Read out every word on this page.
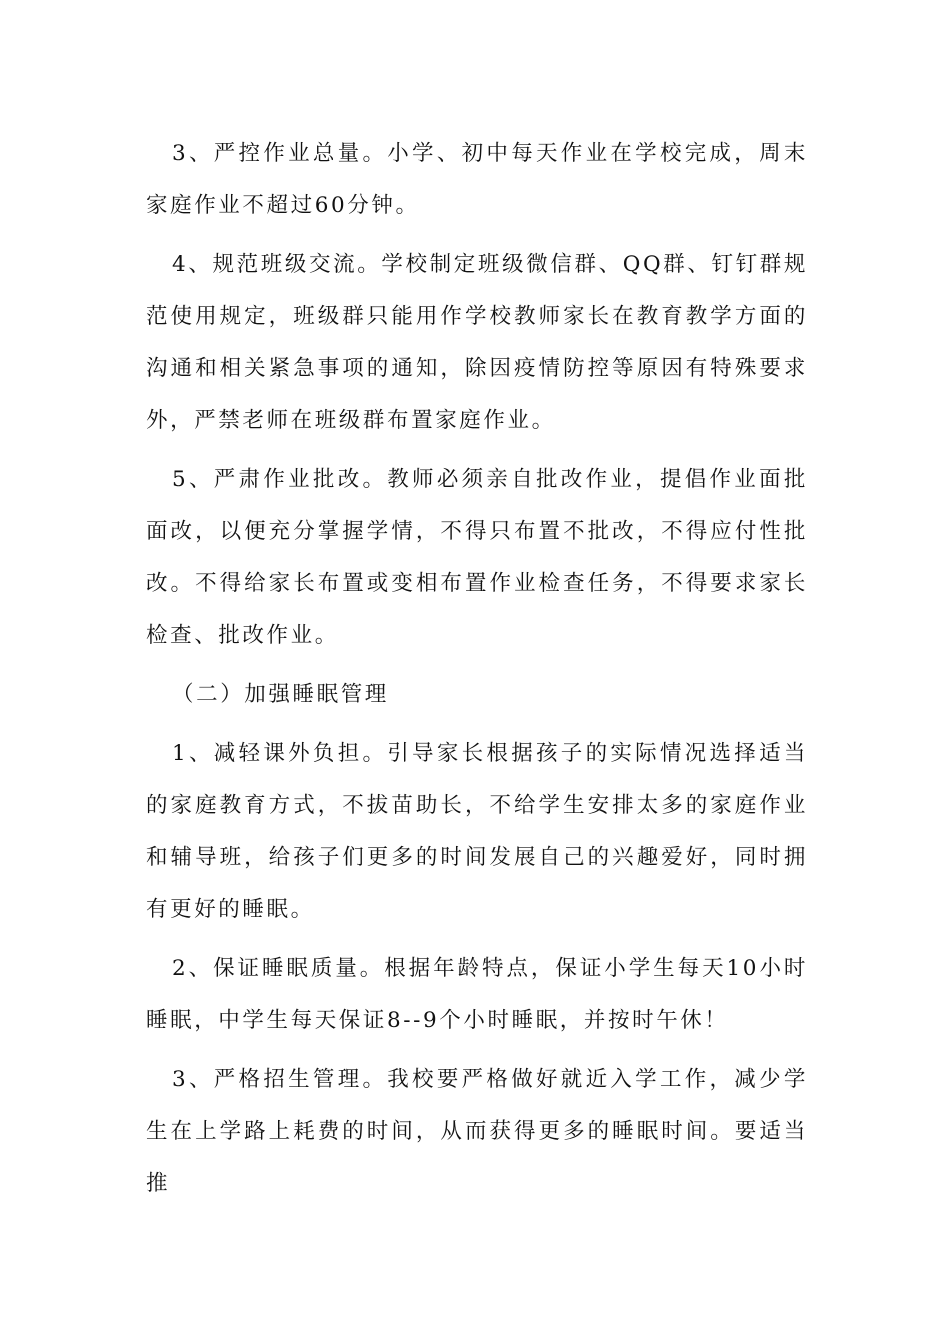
3、严控作业总量。小学、初中每天作业在学校完成，周末家庭作业不超过60分钟。

4、规范班级交流。学校制定班级微信群、QQ群、钉钉群规范使用规定，班级群只能用作学校教师家长在教育教学方面的沟通和相关紧急事项的通知，除因疫情防控等原因有特殊要求外，严禁老师在班级群布置家庭作业。

5、严肃作业批改。教师必须亲自批改作业，提倡作业面批面改，以便充分掌握学情，不得只布置不批改，不得应付性批改。不得给家长布置或变相布置作业检查任务，不得要求家长检查、批改作业。

（二）加强睡眠管理

1、减轻课外负担。引导家长根据孩子的实际情况选择适当的家庭教育方式，不拔苗助长，不给学生安排太多的家庭作业和辅导班，给孩子们更多的时间发展自己的兴趣爱好，同时拥有更好的睡眠。

2、保证睡眠质量。根据年龄特点，保证小学生每天10小时睡眠，中学生每天保证8--9个小时睡眠，并按时午休！

3、严格招生管理。我校要严格做好就近入学工作，减少学生在上学路上耗费的时间，从而获得更多的睡眠时间。要适当推
